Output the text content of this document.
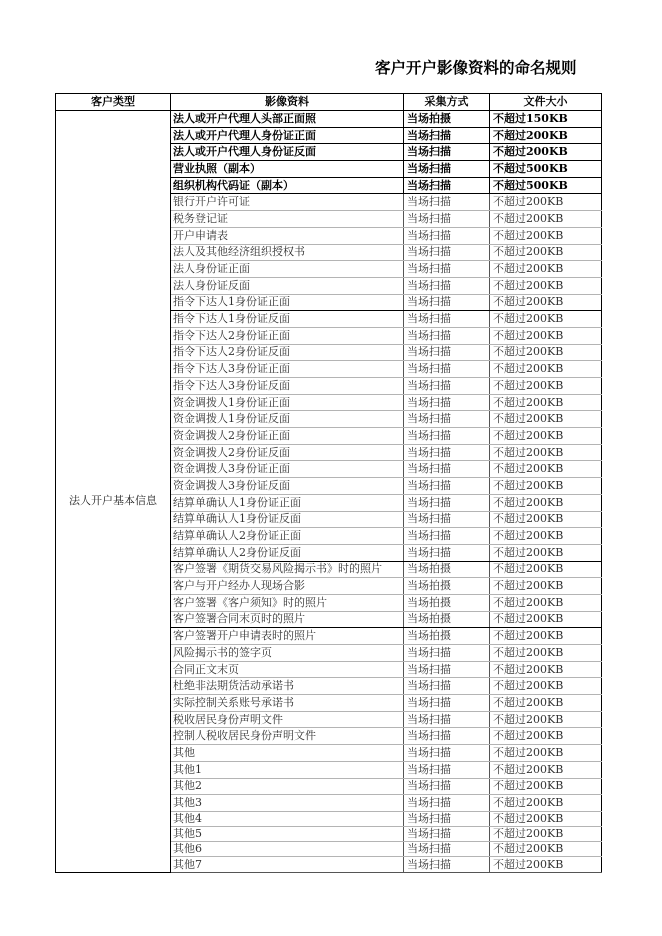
客户开户影像资料的命名规则
客户类型	影像资料	采集方式	文件大小
法人开户基本信息	法人或开户代理人头部正面照	当场拍摄	不超过150KB
	法人或开户代理人身份证正面	当场扫描	不超过200KB
	法人或开户代理人身份证反面	当场扫描	不超过200KB
	营业执照（副本）	当场扫描	不超过500KB
	组织机构代码证（副本）	当场扫描	不超过500KB
	银行开户许可证	当场扫描	不超过200KB
	税务登记证	当场扫描	不超过200KB
	开户申请表	当场扫描	不超过200KB
	法人及其他经济组织授权书	当场扫描	不超过200KB
	法人身份证正面	当场扫描	不超过200KB
	法人身份证反面	当场扫描	不超过200KB
	指令下达人1身份证正面	当场扫描	不超过200KB
	指令下达人1身份证反面	当场扫描	不超过200KB
	指令下达人2身份证正面	当场扫描	不超过200KB
	指令下达人2身份证反面	当场扫描	不超过200KB
	指令下达人3身份证正面	当场扫描	不超过200KB
	指令下达人3身份证反面	当场扫描	不超过200KB
	资金调拨人1身份证正面	当场扫描	不超过200KB
	资金调拨人1身份证反面	当场扫描	不超过200KB
	资金调拨人2身份证正面	当场扫描	不超过200KB
	资金调拨人2身份证反面	当场扫描	不超过200KB
	资金调拨人3身份证正面	当场扫描	不超过200KB
	资金调拨人3身份证反面	当场扫描	不超过200KB
	结算单确认人1身份证正面	当场扫描	不超过200KB
	结算单确认人1身份证反面	当场扫描	不超过200KB
	结算单确认人2身份证正面	当场扫描	不超过200KB
	结算单确认人2身份证反面	当场扫描	不超过200KB
	客户签署《期货交易风险揭示书》时的照片	当场拍摄	不超过200KB
	客户与开户经办人现场合影	当场拍摄	不超过200KB
	客户签署《客户须知》时的照片	当场拍摄	不超过200KB
	客户签署合同末页时的照片	当场拍摄	不超过200KB
	客户签署开户申请表时的照片	当场拍摄	不超过200KB
	风险揭示书的签字页	当场扫描	不超过200KB
	合同正文末页	当场扫描	不超过200KB
	杜绝非法期货活动承诺书	当场扫描	不超过200KB
	实际控制关系账号承诺书	当场扫描	不超过200KB
	税收居民身份声明文件	当场扫描	不超过200KB
	控制人税收居民身份声明文件	当场扫描	不超过200KB
	其他	当场扫描	不超过200KB
	其他1	当场扫描	不超过200KB
	其他2	当场扫描	不超过200KB
	其他3	当场扫描	不超过200KB
	其他4	当场扫描	不超过200KB
	其他5	当场扫描	不超过200KB
	其他6	当场扫描	不超过200KB
	其他7	当场扫描	不超过200KB
